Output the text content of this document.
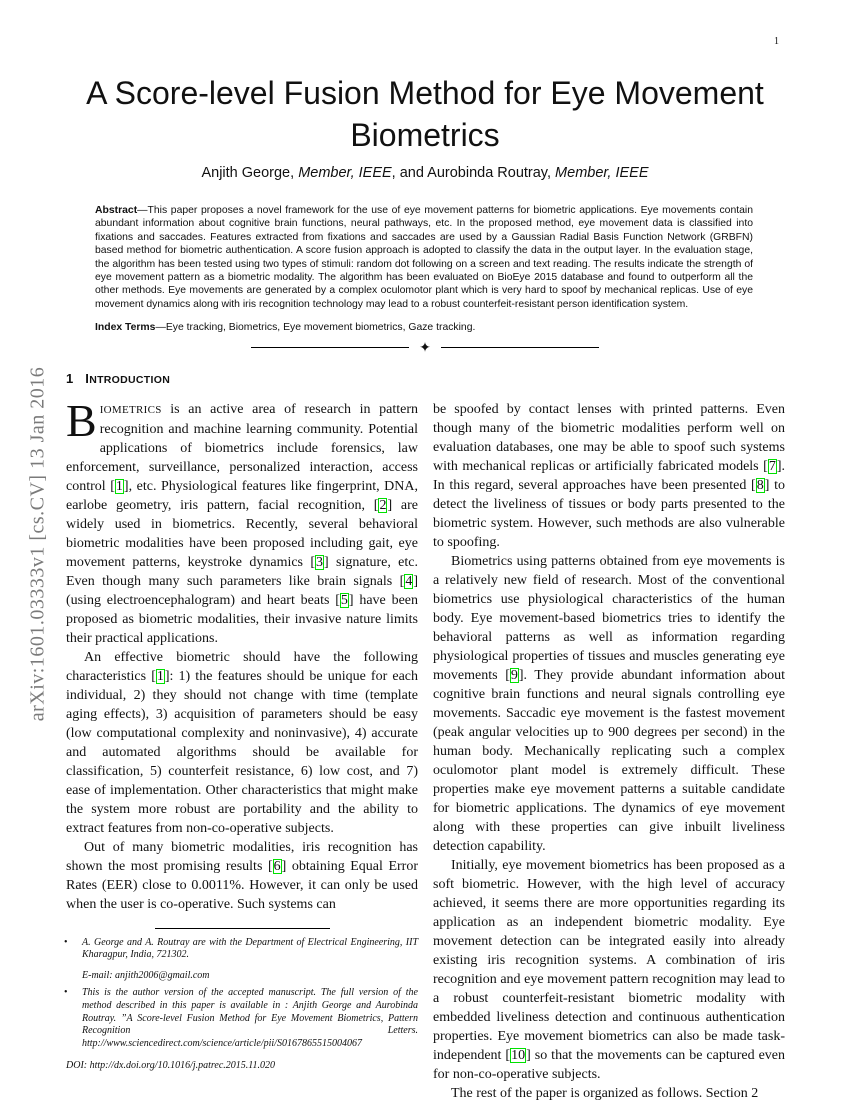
1
arXiv:1601.03333v1 [cs.CV] 13 Jan 2016
A Score-level Fusion Method for Eye Movement Biometrics
Anjith George, Member, IEEE, and Aurobinda Routray, Member, IEEE
Abstract—This paper proposes a novel framework for the use of eye movement patterns for biometric applications. Eye movements contain abundant information about cognitive brain functions, neural pathways, etc. In the proposed method, eye movement data is classified into fixations and saccades. Features extracted from fixations and saccades are used by a Gaussian Radial Basis Function Network (GRBFN) based method for biometric authentication. A score fusion approach is adopted to classify the data in the output layer. In the evaluation stage, the algorithm has been tested using two types of stimuli: random dot following on a screen and text reading. The results indicate the strength of eye movement pattern as a biometric modality. The algorithm has been evaluated on BioEye 2015 database and found to outperform all the other methods. Eye movements are generated by a complex oculomotor plant which is very hard to spoof by mechanical replicas. Use of eye movement dynamics along with iris recognition technology may lead to a robust counterfeit-resistant person identification system.
Index Terms—Eye tracking, Biometrics, Eye movement biometrics, Gaze tracking.
✦
1 INTRODUCTION

BIOMETRICS is an active area of research in pattern recognition and machine learning community. Potential applications of biometrics include forensics, law enforcement, surveillance, personalized interaction, access control [1], etc. Physiological features like fingerprint, DNA, earlobe geometry, iris pattern, facial recognition, [2] are widely used in biometrics. Recently, several behavioral biometric modalities have been proposed including gait, eye movement patterns, keystroke dynamics [3] signature, etc. Even though many such parameters like brain signals [4] (using electroencephalogram) and heart beats [5] have been proposed as biometric modalities, their invasive nature limits their practical applications.

An effective biometric should have the following characteristics [1]: 1) the features should be unique for each individual, 2) they should not change with time (template aging effects), 3) acquisition of parameters should be easy (low computational complexity and noninvasive), 4) accurate and automated algorithms should be available for classification, 5) counterfeit resistance, 6) low cost, and 7) ease of implementation. Other characteristics that might make the system more robust are portability and the ability to extract features from non-co-operative subjects.

Out of many biometric modalities, iris recognition has shown the most promising results [6] obtaining Equal Error Rates (EER) close to 0.0011%. However, it can only be used when the user is co-operative. Such systems can

• A. George and A. Routray are with the Department of Electrical Engineering, IIT Kharagpur, India, 721302.
E-mail: anjith2006@gmail.com
• This is the author version of the accepted manuscript. The full version of the method described in this paper is available in : Anjith George and Aurobinda Routray. ”A Score-level Fusion Method for Eye Movement Biometrics, Pattern Recognition Letters. http://www.sciencedirect.com/science/article/pii/S0167865515004067
DOI: http://dx.doi.org/10.1016/j.patrec.2015.11.020

be spoofed by contact lenses with printed patterns. Even though many of the biometric modalities perform well on evaluation databases, one may be able to spoof such systems with mechanical replicas or artificially fabricated models [7]. In this regard, several approaches have been presented [8] to detect the liveliness of tissues or body parts presented to the biometric system. However, such methods are also vulnerable to spoofing.

Biometrics using patterns obtained from eye movements is a relatively new field of research. Most of the conventional biometrics use physiological characteristics of the human body. Eye movement-based biometrics tries to identify the behavioral patterns as well as information regarding physiological properties of tissues and muscles generating eye movements [9]. They provide abundant information about cognitive brain functions and neural signals controlling eye movements. Saccadic eye movement is the fastest movement (peak angular velocities up to 900 degrees per second) in the human body. Mechanically replicating such a complex oculomotor plant model is extremely difficult. These properties make eye movement patterns a suitable candidate for biometric applications. The dynamics of eye movement along with these properties can give inbuilt liveliness detection capability.

Initially, eye movement biometrics has been proposed as a soft biometric. However, with the high level of accuracy achieved, it seems there are more opportunities regarding its application as an independent biometric modality. Eye movement detection can be integrated easily into already existing iris recognition systems. A combination of iris recognition and eye movement pattern recognition may lead to a robust counterfeit-resistant biometric modality with embedded liveliness detection and continuous authentication properties. Eye movement biometrics can also be made task-independent [10] so that the movements can be captured even for non-co-operative subjects.

The rest of the paper is organized as follows. Section 2
